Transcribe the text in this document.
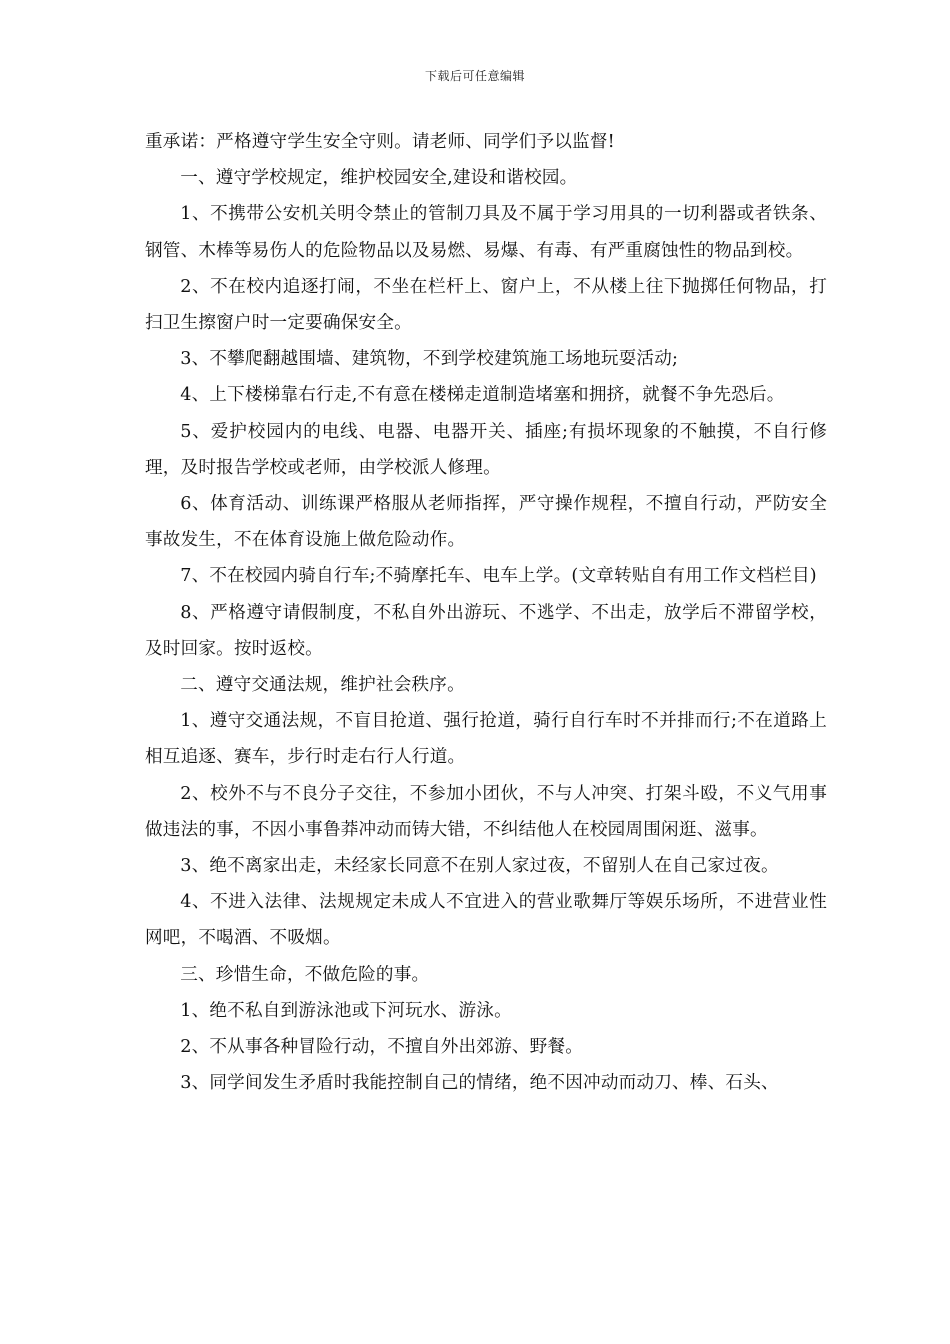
下载后可任意编辑

重承诺：严格遵守学生安全守则。请老师、同学们予以监督!

一、遵守学校规定，维护校园安全,建设和谐校园。

1、不携带公安机关明令禁止的管制刀具及不属于学习用具的一切利器或者铁条、钢管、木棒等易伤人的危险物品以及易燃、易爆、有毒、有严重腐蚀性的物品到校。

2、不在校内追逐打闹，不坐在栏杆上、窗户上，不从楼上往下抛掷任何物品，打扫卫生擦窗户时一定要确保安全。

3、不攀爬翻越围墙、建筑物，不到学校建筑施工场地玩耍活动;

4、上下楼梯靠右行走,不有意在楼梯走道制造堵塞和拥挤，就餐不争先恐后。

5、爱护校园内的电线、电器、电器开关、插座;有损坏现象的不触摸，不自行修理，及时报告学校或老师，由学校派人修理。

6、体育活动、训练课严格服从老师指挥，严守操作规程，不擅自行动，严防安全事故发生，不在体育设施上做危险动作。

7、不在校园内骑自行车;不骑摩托车、电车上学。(文章转贴自有用工作文档栏目)

8、严格遵守请假制度，不私自外出游玩、不逃学、不出走，放学后不滞留学校，及时回家。按时返校。

二、遵守交通法规，维护社会秩序。

1、遵守交通法规，不盲目抢道、强行抢道，骑行自行车时不并排而行;不在道路上相互追逐、赛车，步行时走右行人行道。

2、校外不与不良分子交往，不参加小团伙，不与人冲突、打架斗殴，不义气用事做违法的事，不因小事鲁莽冲动而铸大错，不纠结他人在校园周围闲逛、滋事。

3、绝不离家出走，未经家长同意不在别人家过夜，不留别人在自己家过夜。

4、不进入法律、法规规定未成人不宜进入的营业歌舞厅等娱乐场所，不进营业性网吧，不喝酒、不吸烟。

三、珍惜生命，不做危险的事。

1、绝不私自到游泳池或下河玩水、游泳。

2、不从事各种冒险行动，不擅自外出郊游、野餐。

3、同学间发生矛盾时我能控制自己的情绪，绝不因冲动而动刀、棒、石头、
